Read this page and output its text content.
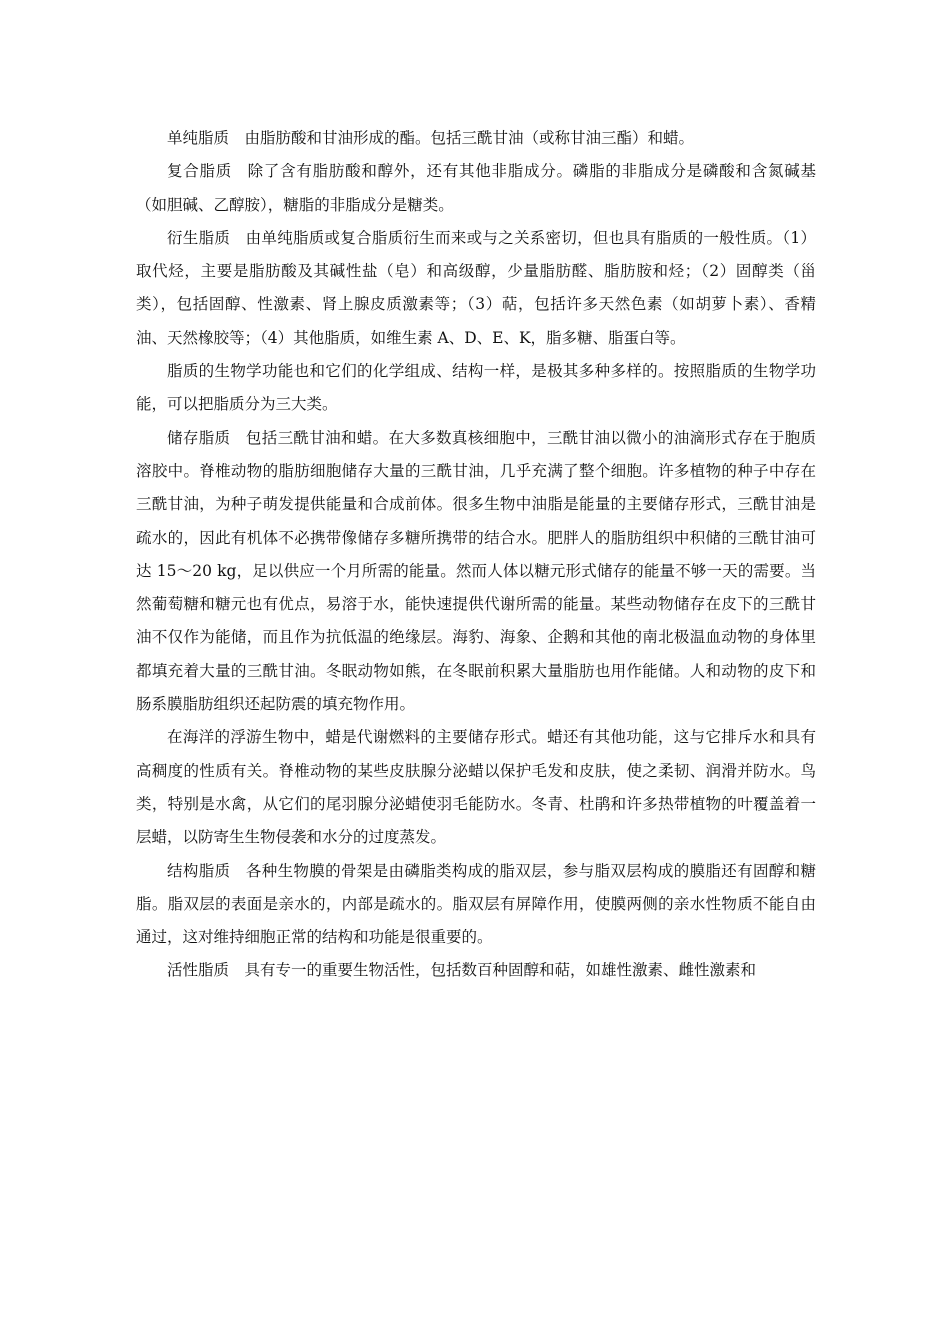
单纯脂质 由脂肪酸和甘油形成的酯。包括三酰甘油（或称甘油三酯）和蜡。

复合脂质 除了含有脂肪酸和醇外，还有其他非脂成分。磷脂的非脂成分是磷酸和含氮碱基（如胆碱、乙醇胺），糖脂的非脂成分是糖类。

衍生脂质 由单纯脂质或复合脂质衍生而来或与之关系密切，但也具有脂质的一般性质。（1）取代烃，主要是脂肪酸及其碱性盐（皂）和高级醇，少量脂肪醛、脂肪胺和烃；（2）固醇类（甾类），包括固醇、性激素、肾上腺皮质激素等；（3）萜，包括许多天然色素（如胡萝卜素）、香精油、天然橡胶等；（4）其他脂质，如维生素 A、D、E、K，脂多糖、脂蛋白等。

脂质的生物学功能也和它们的化学组成、结构一样，是极其多种多样的。按照脂质的生物学功能，可以把脂质分为三大类。

储存脂质 包括三酰甘油和蜡。在大多数真核细胞中，三酰甘油以微小的油滴形式存在于胞质溶胶中。脊椎动物的脂肪细胞储存大量的三酰甘油，几乎充满了整个细胞。许多植物的种子中存在三酰甘油，为种子萌发提供能量和合成前体。很多生物中油脂是能量的主要储存形式，三酰甘油是疏水的，因此有机体不必携带像储存多糖所携带的结合水。肥胖人的脂肪组织中积储的三酰甘油可达 15～20 kg，足以供应一个月所需的能量。然而人体以糖元形式储存的能量不够一天的需要。当然葡萄糖和糖元也有优点，易溶于水，能快速提供代谢所需的能量。某些动物储存在皮下的三酰甘油不仅作为能储，而且作为抗低温的绝缘层。海豹、海象、企鹅和其他的南北极温血动物的身体里都填充着大量的三酰甘油。冬眠动物如熊，在冬眠前积累大量脂肪也用作能储。人和动物的皮下和肠系膜脂肪组织还起防震的填充物作用。

在海洋的浮游生物中，蜡是代谢燃料的主要储存形式。蜡还有其他功能，这与它排斥水和具有高稠度的性质有关。脊椎动物的某些皮肤腺分泌蜡以保护毛发和皮肤，使之柔韧、润滑并防水。鸟类，特别是水禽，从它们的尾羽腺分泌蜡使羽毛能防水。冬青、杜鹃和许多热带植物的叶覆盖着一层蜡，以防寄生生物侵袭和水分的过度蒸发。

结构脂质 各种生物膜的骨架是由磷脂类构成的脂双层，参与脂双层构成的膜脂还有固醇和糖脂。脂双层的表面是亲水的，内部是疏水的。脂双层有屏障作用，使膜两侧的亲水性物质不能自由通过，这对维持细胞正常的结构和功能是很重要的。

活性脂质 具有专一的重要生物活性，包括数百种固醇和萜，如雄性激素、雌性激素和
